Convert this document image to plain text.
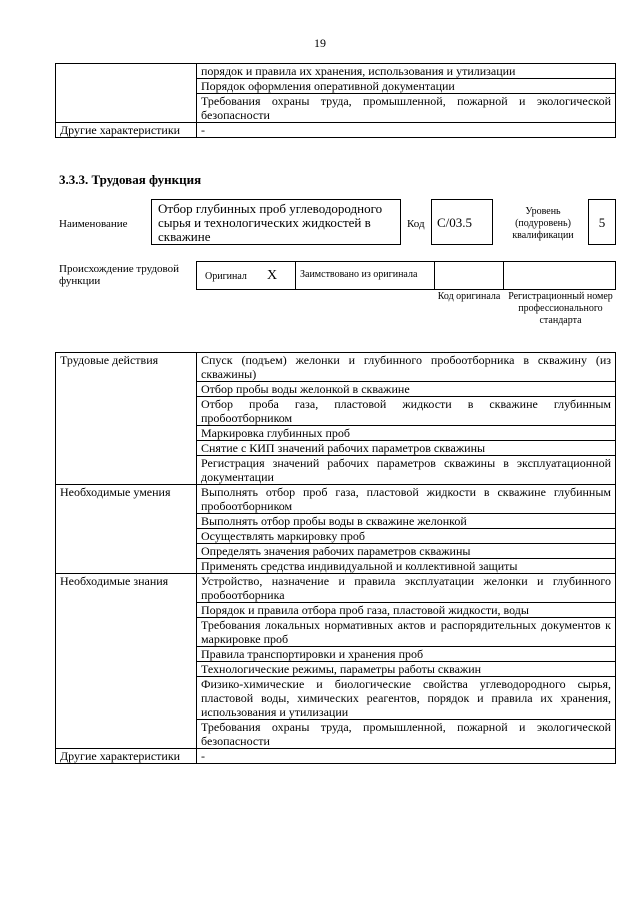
19
	порядок и правила их хранения, использования и утилизации
	Порядок оформления оперативной документации
	Требования охраны труда, промышленной, пожарной и экологической безопасности
Другие характеристики	-
3.3.3. Трудовая функция
Наименование
Отбор глубинных проб углеводородного сырья и технологических жидкостей в скважине
Код C/03.5
Уровень (подуровень) квалификации
5
Происхождение трудовой функции	Оригинал X	Заимствовано из оригинала
Код оригинала Регистрационный номер профессионального стандарта
Трудовые действия	Спуск (подъем) желонки и глубинного пробоотборника в скважину (из скважины)
	Отбор пробы воды желонкой в скважине
	Отбор проба газа, пластовой жидкости в скважине глубинным пробоотборником
	Маркировка глубинных проб
	Снятие с КИП значений рабочих параметров скважины
	Регистрация значений рабочих параметров скважины в эксплуатационной документации
Необходимые умения	Выполнять отбор проб газа, пластовой жидкости в скважине глубинным пробоотборником
	Выполнять отбор пробы воды в скважине желонкой
	Осуществлять маркировку проб
	Определять значения рабочих параметров скважины
	Применять средства индивидуальной и коллективной защиты
Необходимые знания	Устройство, назначение и правила эксплуатации желонки и глубинного пробоотборника
	Порядок и правила отбора проб газа, пластовой жидкости, воды
	Требования локальных нормативных актов и распорядительных документов к маркировке проб
	Правила транспортировки и хранения проб
	Технологические режимы, параметры работы скважин
	Физико-химические и биологические свойства углеводородного сырья, пластовой воды, химических реагентов, порядок и правила их хранения, использования и утилизации
	Требования охраны труда, промышленной, пожарной и экологической безопасности
Другие характеристики	-
